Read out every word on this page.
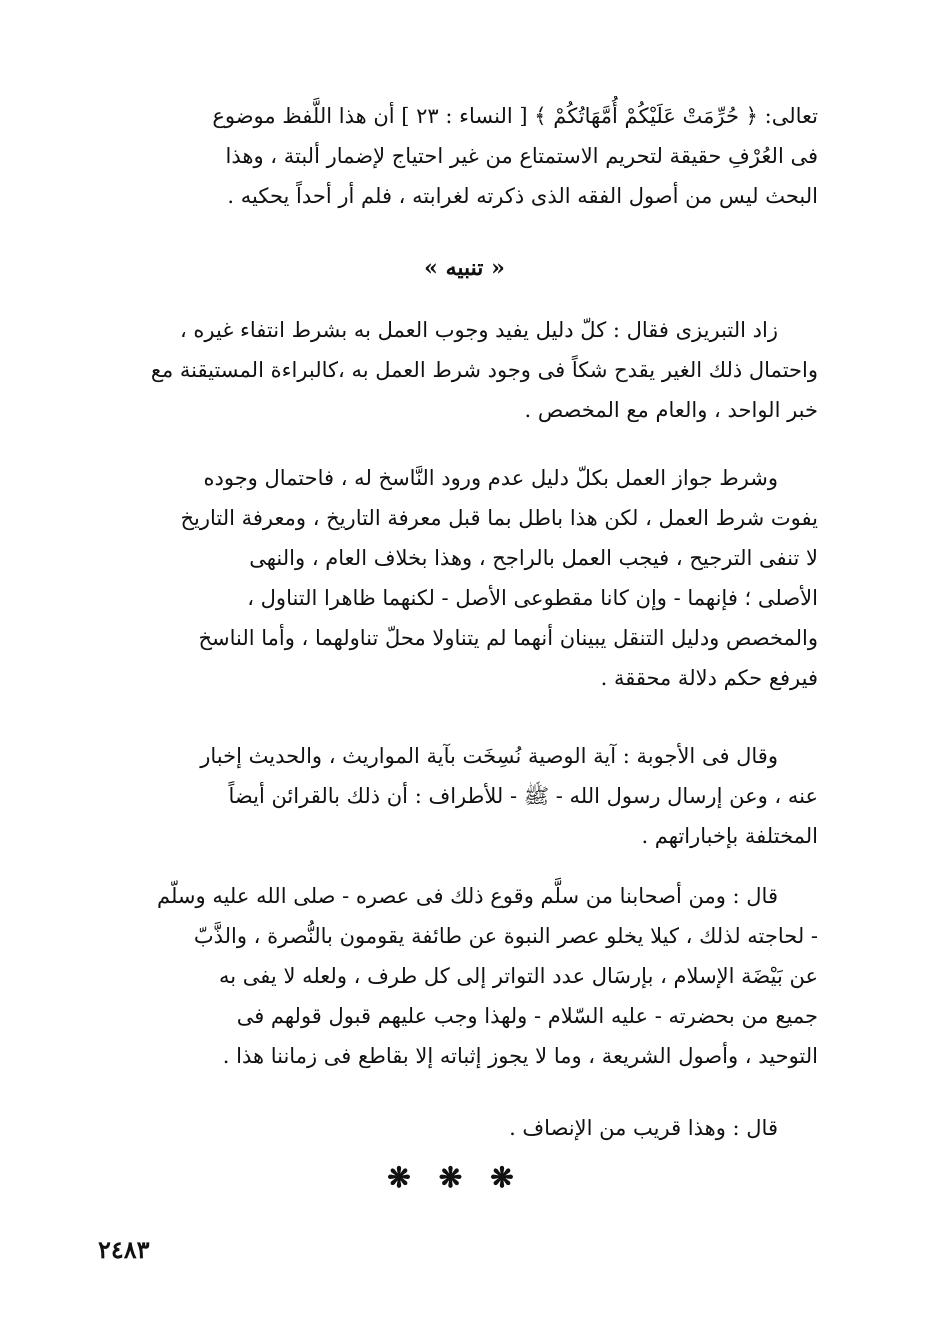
تعالى: ﴿ حُرِّمَتْ عَلَيْكُمْ أُمَّهَاتُكُمْ ﴾ [ النساء : ٢٣ ] أن هذا اللَّفظ موضوع
فى العُرْفِ حقيقة لتحريم الاستمتاع من غير احتياج لإضمار ألبتة ، وهذا
البحث ليس من أصول الفقه الذى ذكرته لغرابته ، فلم أر أحداً يحكيه .
« تنبيه »
زاد التبريزى فقال : كلّ دليل يفيد وجوب العمل به بشرط انتفاء غيره ،
واحتمال ذلك الغير يقدح شكاً فى وجود شرط العمل به ،كالبراءة المستيقنة مع
خبر الواحد ، والعام مع المخصص .
وشرط جواز العمل بكلّ دليل عدم ورود النَّاسخ له ، فاحتمال وجوده
يفوت شرط العمل ، لكن هذا باطل بما قبل معرفة التاريخ ، ومعرفة التاريخ
لا تنفى الترجيح ، فيجب العمل بالراجح ، وهذا بخلاف العام ، والنهى
الأصلى ؛ فإنهما - وإن كانا مقطوعى الأصل - لكنهما ظاهرا التناول ،
والمخصص ودليل التنقل يبينان أنهما لم يتناولا محلّ تناولهما ، وأما الناسخ
فيرفع حكم دلالة محققة .
وقال فى الأجوبة : آية الوصية نُسِخَت بآية المواريث ، والحديث إخبار
عنه ، وعن إرسال رسول الله - ﷺ - للأطراف : أن ذلك بالقرائن أيضاً
المختلفة بإخباراتهم .
قال : ومن أصحابنا من سلَّم وقوع ذلك فى عصره - صلى الله عليه وسلّم
- لحاجته لذلك ، كيلا يخلو عصر النبوة عن طائفة يقومون بالنُّصرة ، والذَّبّ
عن بَيْضَة الإسلام ، بإرسَال عدد التواتر إلى كل طرف ، ولعله لا يفى به
جميع من بحضرته - عليه السّلام - ولهذا وجب عليهم قبول قولهم فى
التوحيد ، وأصول الشريعة ، وما لا يجوز إثباته إلا بقاطع فى زماننا هذا .
قال : وهذا قريب من الإنصاف .
❋❋❋
٢٤٨٣
